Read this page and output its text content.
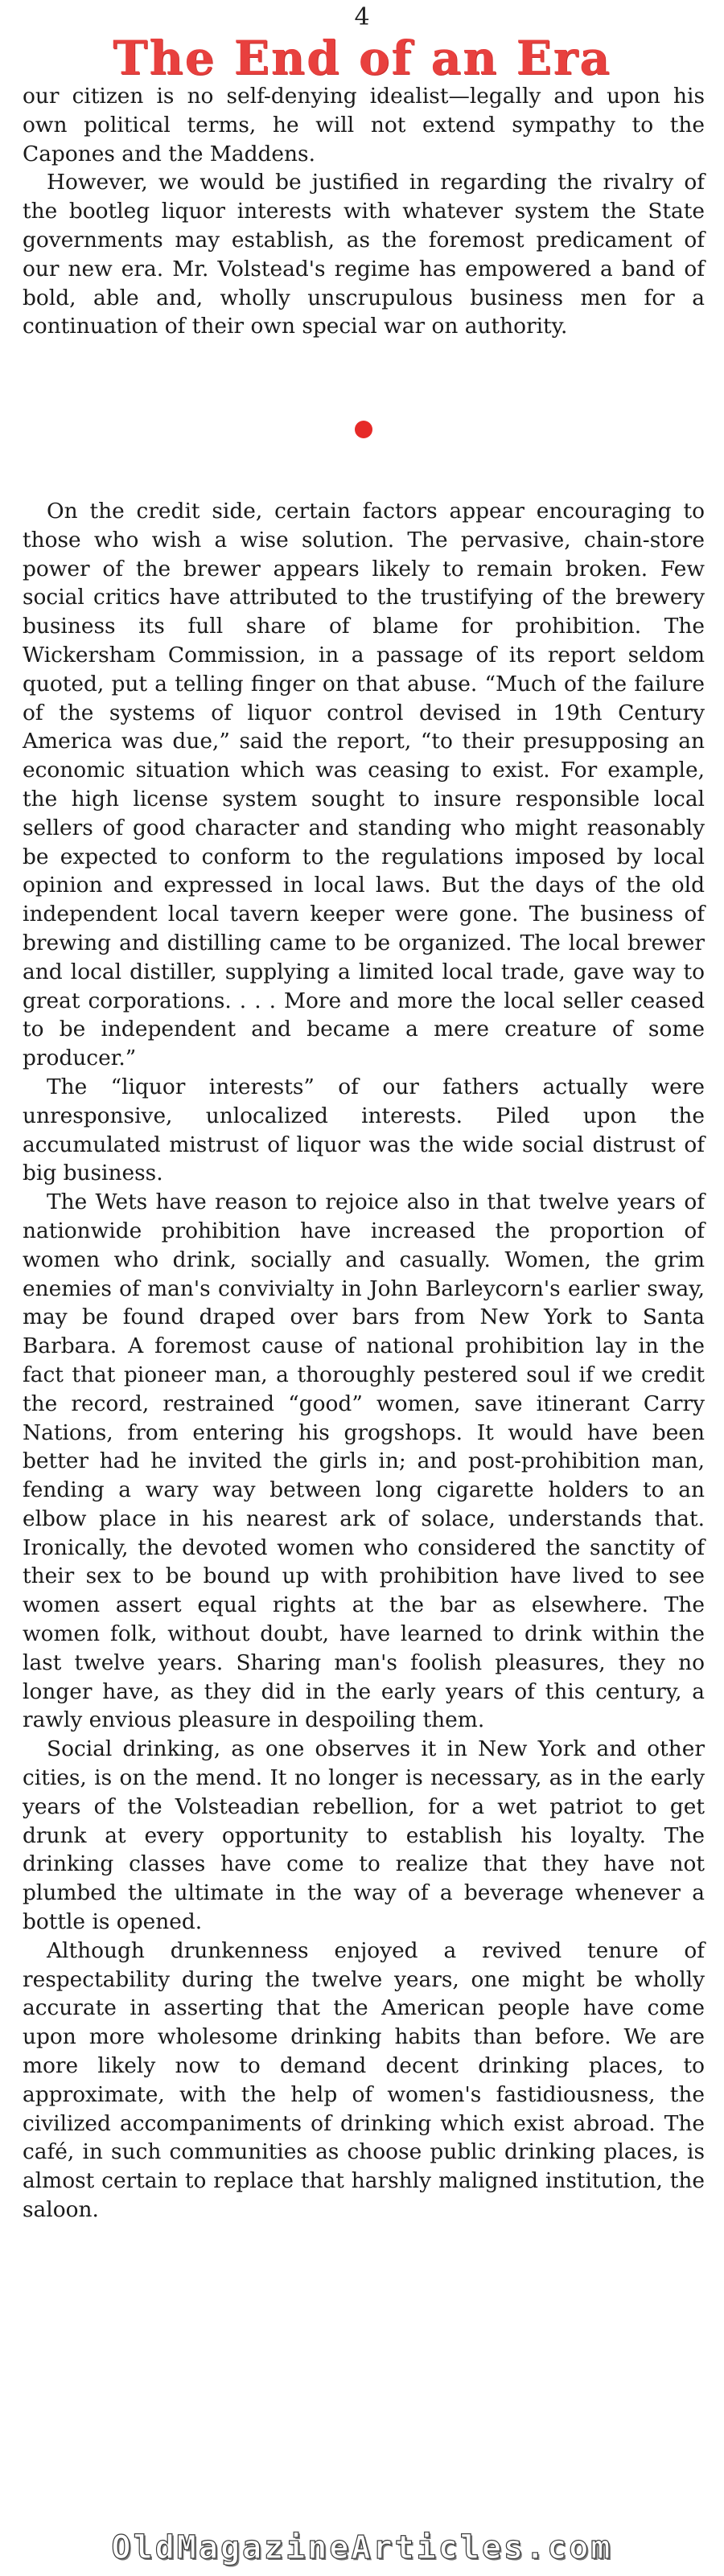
4
The End of an Era

our citizen is no self-denying idealist—legally and upon his own political terms, he will not extend sympathy to the Capones and the Maddens.

However, we would be justified in regarding the rivalry of the bootleg liquor interests with whatever system the State governments may establish, as the foremost predicament of our new era. Mr. Volstead's regime has empowered a band of bold, able and, wholly unscrupulous business men for a continuation of their own special war on authority.

On the credit side, certain factors appear encouraging to those who wish a wise solution. The pervasive, chain-store power of the brewer appears likely to remain broken. Few social critics have attributed to the trustifying of the brewery business its full share of blame for prohibition. The Wickersham Commission, in a passage of its report seldom quoted, put a telling finger on that abuse. “Much of the failure of the systems of liquor control devised in 19th Century America was due,” said the report, “to their presupposing an economic situation which was ceasing to exist. For example, the high license system sought to insure responsible local sellers of good character and standing who might reasonably be expected to conform to the regulations imposed by local opinion and expressed in local laws. But the days of the old independent local tavern keeper were gone. The business of brewing and distilling came to be organized. The local brewer and local distiller, supplying a limited local trade, gave way to great corporations. . . . More and more the local seller ceased to be independent and became a mere creature of some producer.”

The “liquor interests” of our fathers actually were unresponsive, unlocalized interests. Piled upon the accumulated mistrust of liquor was the wide social distrust of big business.

The Wets have reason to rejoice also in that twelve years of nationwide prohibition have increased the proportion of women who drink, socially and casually. Women, the grim enemies of man's convivialty in John Barleycorn's earlier sway, may be found draped over bars from New York to Santa Barbara. A foremost cause of national prohibition lay in the fact that pioneer man, a thoroughly pestered soul if we credit the record, restrained “good” women, save itinerant Carry Nations, from entering his grogshops. It would have been better had he invited the girls in; and post-prohibition man, fending a wary way between long cigarette holders to an elbow place in his nearest ark of solace, understands that. Ironically, the devoted women who considered the sanctity of their sex to be bound up with prohibition have lived to see women assert equal rights at the bar as elsewhere. The women folk, without doubt, have learned to drink within the last twelve years. Sharing man's foolish pleasures, they no longer have, as they did in the early years of this century, a rawly envious pleasure in despoiling them.

Social drinking, as one observes it in New York and other cities, is on the mend. It no longer is necessary, as in the early years of the Volsteadian rebellion, for a wet patriot to get drunk at every opportunity to establish his loyalty. The drinking classes have come to realize that they have not plumbed the ultimate in the way of a beverage whenever a bottle is opened.

Although drunkenness enjoyed a revived tenure of respectability during the twelve years, one might be wholly accurate in asserting that the American people have come upon more wholesome drinking habits than before. We are more likely now to demand decent drinking places, to approximate, with the help of women's fastidiousness, the civilized accompaniments of drinking which exist abroad. The café, in such communities as choose public drinking places, is almost certain to replace that harshly maligned institution, the saloon.

OldMagazineArticles.com
